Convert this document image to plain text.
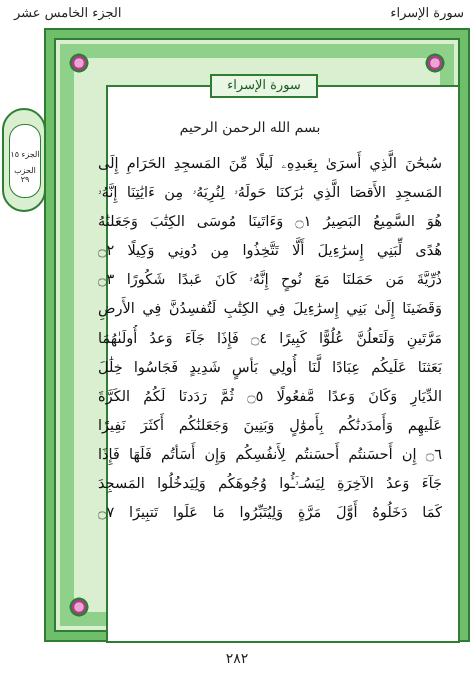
الجزء الخامس عشر	سورة الإسراء
الجزء ١٥
الحزب ٢٩
سورة الإسراء
بسم الله الرحمن الرحيم
سُبحَٰنَ الَّذِي أَسرَىٰ بِعَبدِهِۦ لَيلًا مِّنَ المَسجِدِ الحَرَامِ إِلَى
المَسجِدِ الأَقصَا الَّذِي بَٰرَكنَا حَولَهُۥ لِنُرِيَهُۥ مِن ءَايَٰتِنَا إِنَّهُۥ
هُوَ السَّمِيعُ البَصِيرُ ۝١ وَءَاتَينَا مُوسَى الكِتَٰبَ وَجَعَلنَٰهُ
هُدًى لِّبَنِي إِسرَٰءِيلَ أَلَّا تَتَّخِذُوا مِن دُونِي وَكِيلًا ۝٢
ذُرِّيَّةَ مَن حَمَلنَا مَعَ نُوحٍ إِنَّهُۥ كَانَ عَبدًا شَكُورًا ۝٣
وَقَضَينَا إِلَىٰ بَنِي إِسرَٰءِيلَ فِي الكِتَٰبِ لَتُفسِدُنَّ فِي الأَرضِ
مَرَّتَينِ وَلَتَعلُنَّ عُلُوًّا كَبِيرًا ۝٤ فَإِذَا جَآءَ وَعدُ أُولَىٰهُمَا
بَعَثنَا عَلَيكُم عِبَادًا لَّنَا أُولِي بَأسٍ شَدِيدٍ فَجَاسُوا خِلَٰلَ
الدِّيَارِ وَكَانَ وَعدًا مَّفعُولًا ۝٥ ثُمَّ رَدَدنَا لَكُمُ الكَرَّةَ
عَلَيهِم وَأَمدَدنَٰكُم بِأَموَٰلٍ وَبَنِينَ وَجَعَلنَٰكُم أَكثَرَ نَفِيرًا
۝٦ إِن أَحسَنتُم أَحسَنتُم لِأَنفُسِكُم وَإِن أَسَأتُم فَلَهَا فَإِذَا
جَآءَ وَعدُ الآخِرَةِ لِيَسُـۥٓـُٔوا وُجُوهَكُم وَلِيَدخُلُوا المَسجِدَ
كَمَا دَخَلُوهُ أَوَّلَ مَرَّةٍ وَلِيُتَبِّرُوا مَا عَلَوا تَتبِيرًا ۝٧
٢٨٢
